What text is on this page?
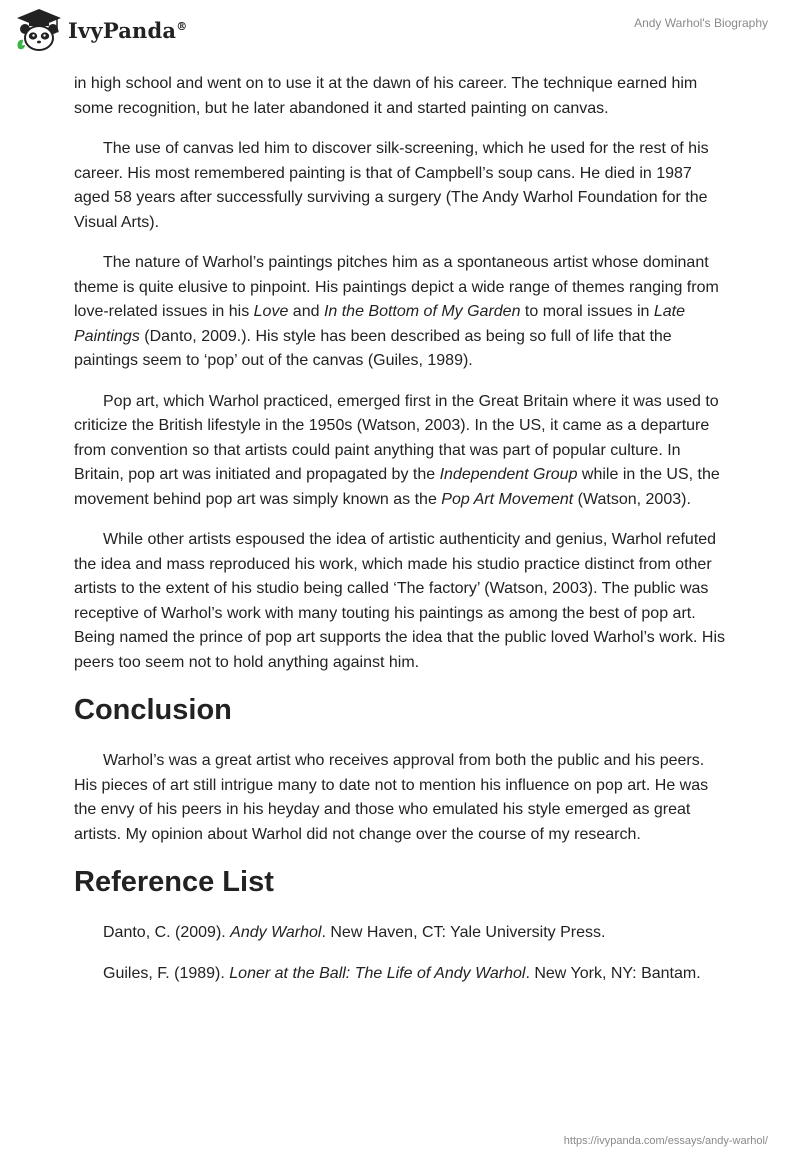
IvyPanda®	Andy Warhol's Biography

in high school and went on to use it at the dawn of his career. The technique earned him some recognition, but he later abandoned it and started painting on canvas.

The use of canvas led him to discover silk-screening, which he used for the rest of his career. His most remembered painting is that of Campbell’s soup cans. He died in 1987 aged 58 years after successfully surviving a surgery (The Andy Warhol Foundation for the Visual Arts).

The nature of Warhol’s paintings pitches him as a spontaneous artist whose dominant theme is quite elusive to pinpoint. His paintings depict a wide range of themes ranging from love-related issues in his Love and In the Bottom of My Garden to moral issues in Late Paintings (Danto, 2009.). His style has been described as being so full of life that the paintings seem to ‘pop’ out of the canvas (Guiles, 1989).

Pop art, which Warhol practiced, emerged first in the Great Britain where it was used to criticize the British lifestyle in the 1950s (Watson, 2003). In the US, it came as a departure from convention so that artists could paint anything that was part of popular culture. In Britain, pop art was initiated and propagated by the Independent Group while in the US, the movement behind pop art was simply known as the Pop Art Movement (Watson, 2003).

While other artists espoused the idea of artistic authenticity and genius, Warhol refuted the idea and mass reproduced his work, which made his studio practice distinct from other artists to the extent of his studio being called ‘The factory’ (Watson, 2003). The public was receptive of Warhol’s work with many touting his paintings as among the best of pop art. Being named the prince of pop art supports the idea that the public loved Warhol’s work. His peers too seem not to hold anything against him.

Conclusion

Warhol’s was a great artist who receives approval from both the public and his peers. His pieces of art still intrigue many to date not to mention his influence on pop art. He was the envy of his peers in his heyday and those who emulated his style emerged as great artists. My opinion about Warhol did not change over the course of my research.

Reference List

Danto, C. (2009). Andy Warhol. New Haven, CT: Yale University Press.

Guiles, F. (1989). Loner at the Ball: The Life of Andy Warhol. New York, NY: Bantam.

https://ivypanda.com/essays/andy-warhol/
